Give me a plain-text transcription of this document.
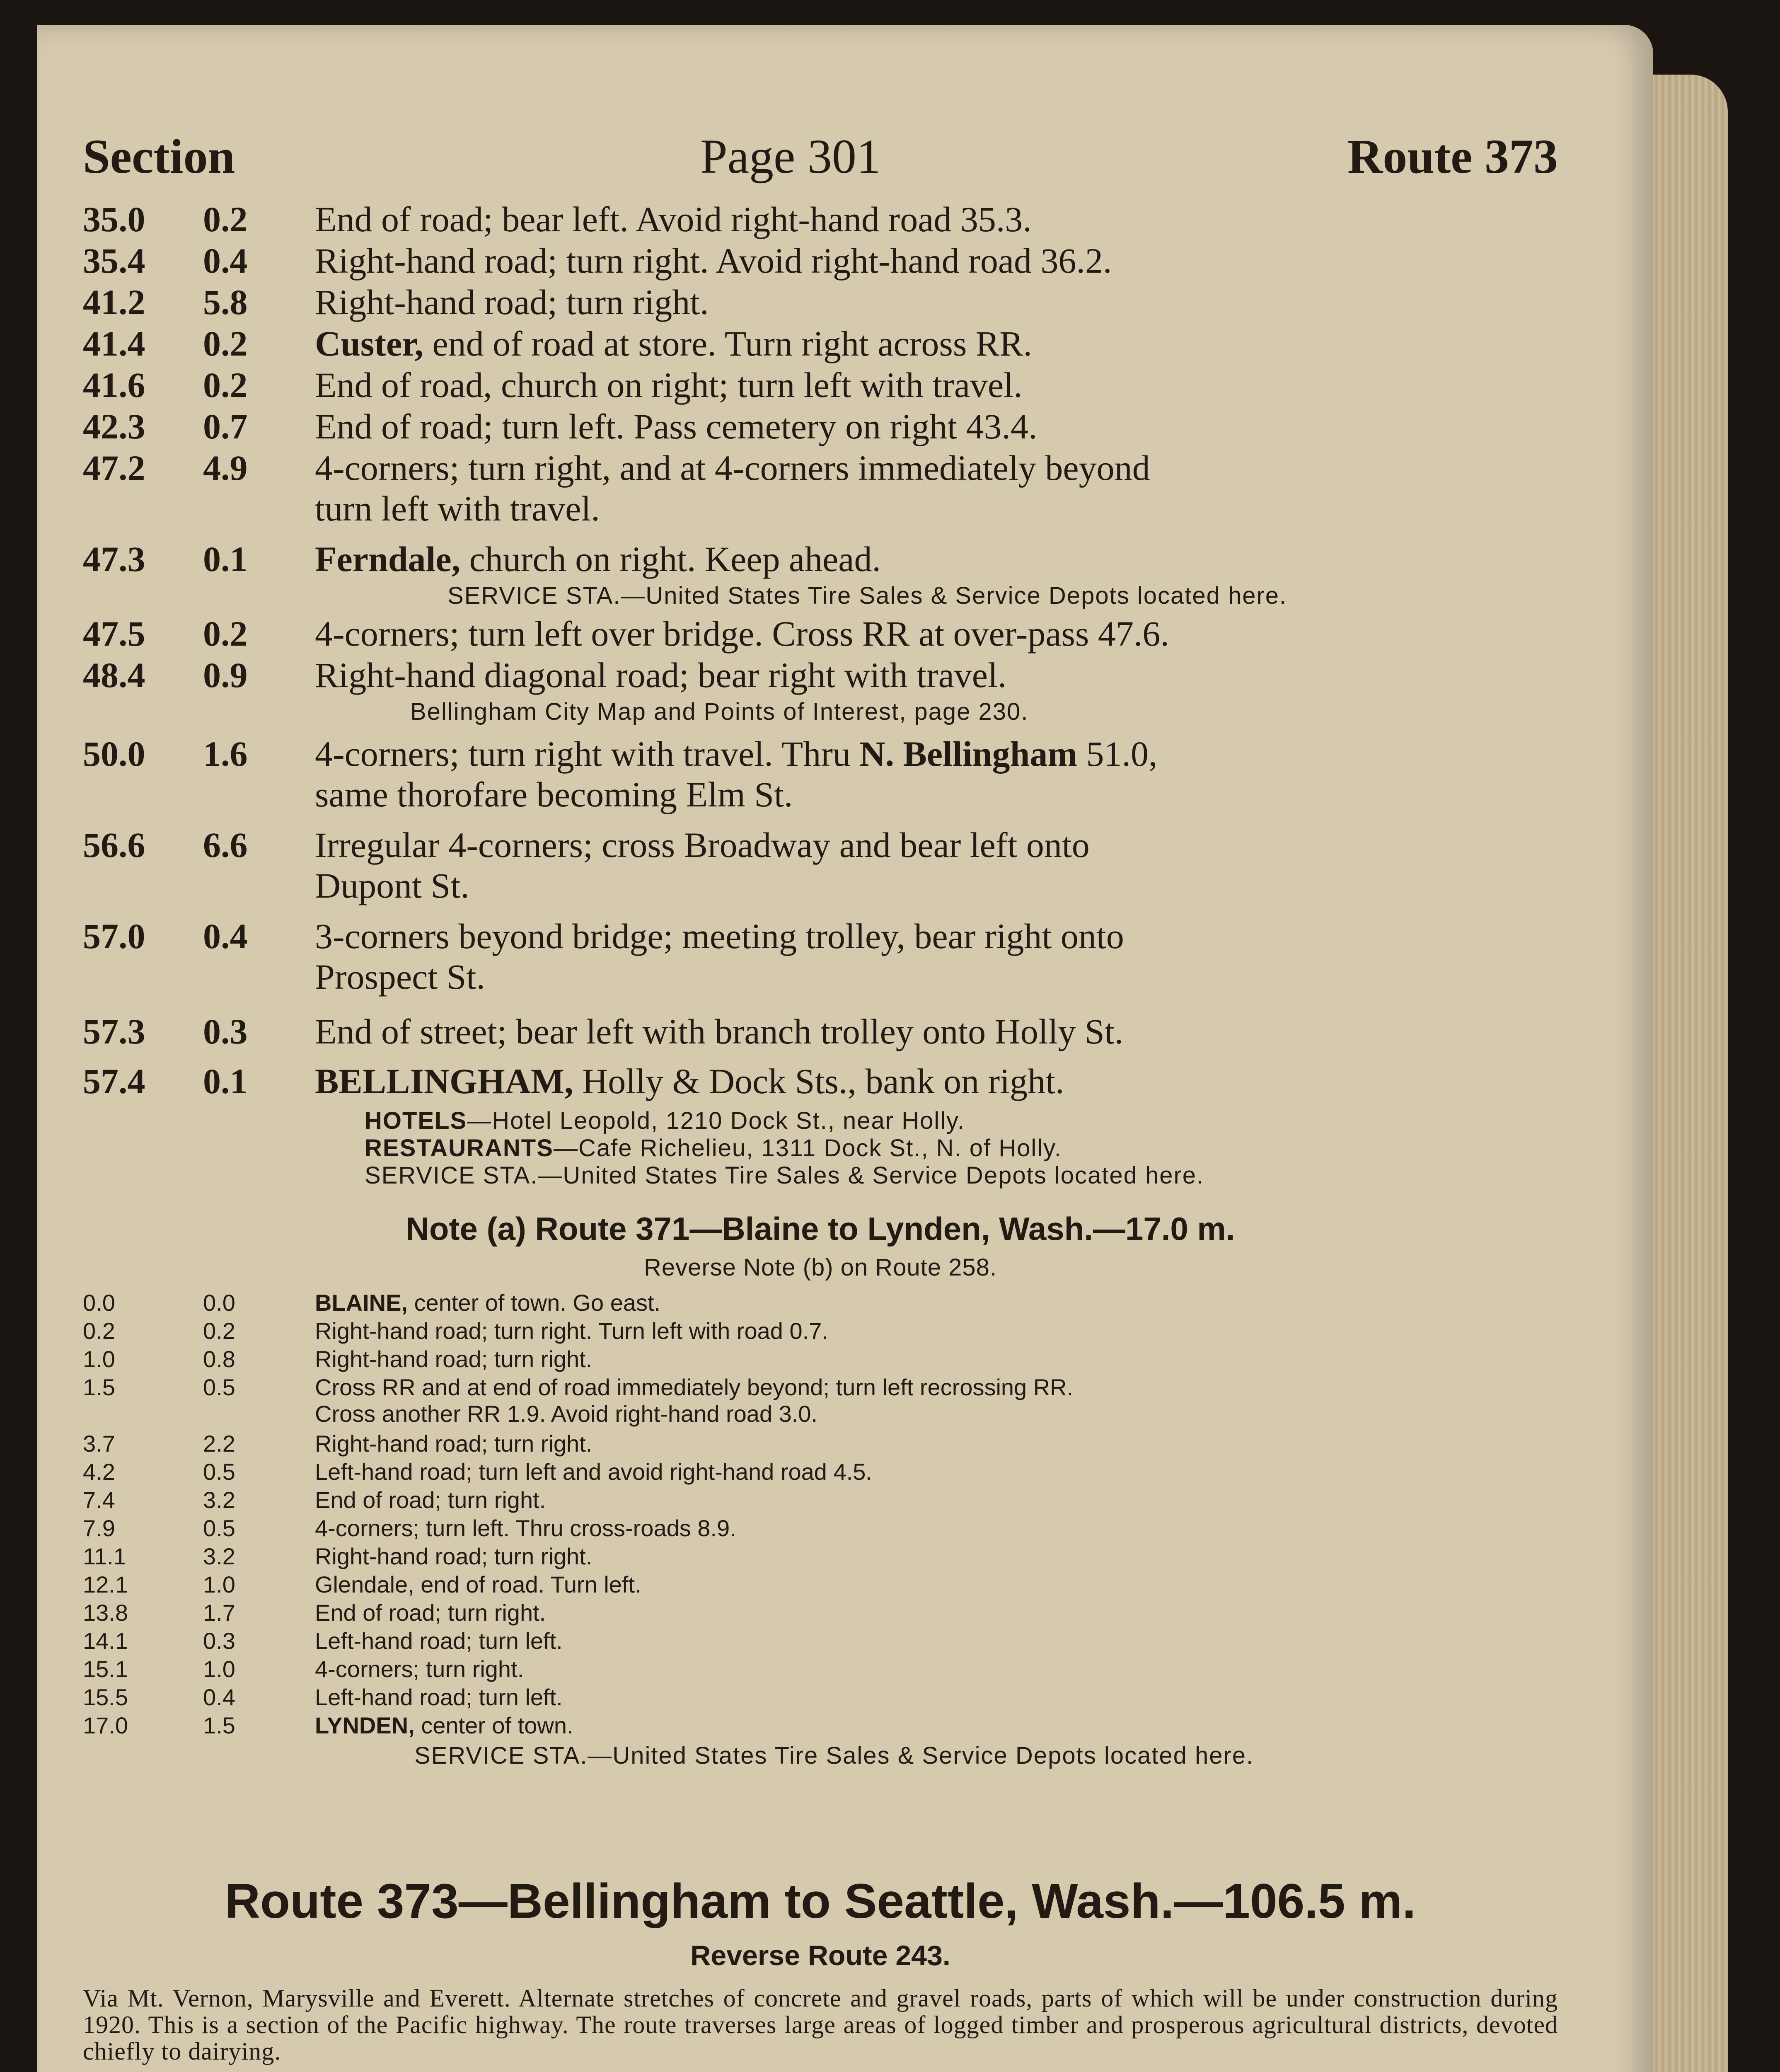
Section	Page 301	Route 373
35.0	0.2	End of road; bear left. Avoid right-hand road 35.3.
35.4	0.4	Right-hand road; turn right. Avoid right-hand road 36.2.
41.2	5.8	Right-hand road; turn right.
41.4	0.2	Custer, end of road at store. Turn right across RR.
41.6	0.2	End of road, church on right; turn left with travel.
42.3	0.7	End of road; turn left. Pass cemetery on right 43.4.
47.2	4.9	4-corners; turn right, and at 4-corners immediately beyond
turn left with travel.
47.3	0.1	Ferndale, church on right. Keep ahead.
SERVICE STA.—United States Tire Sales & Service Depots located here.
47.5	0.2	4-corners; turn left over bridge. Cross RR at over-pass 47.6.
48.4	0.9	Right-hand diagonal road; bear right with travel.
Bellingham City Map and Points of Interest, page 230.
50.0	1.6	4-corners; turn right with travel. Thru N. Bellingham 51.0,
same thorofare becoming Elm St.
56.6	6.6	Irregular 4-corners; cross Broadway and bear left onto
Dupont St.
57.0	0.4	3-corners beyond bridge; meeting trolley, bear right onto
Prospect St.
57.3	0.3	End of street; bear left with branch trolley onto Holly St.
57.4	0.1	BELLINGHAM, Holly & Dock Sts., bank on right.
HOTELS—Hotel Leopold, 1210 Dock St., near Holly.
RESTAURANTS—Cafe Richelieu, 1311 Dock St., N. of Holly.
SERVICE STA.—United States Tire Sales & Service Depots located here.
Note (a) Route 371—Blaine to Lynden, Wash.—17.0 m.
Reverse Note (b) on Route 258.
0.0	0.0	BLAINE, center of town. Go east.
0.2	0.2	Right-hand road; turn right. Turn left with road 0.7.
1.0	0.8	Right-hand road; turn right.
1.5	0.5	Cross RR and at end of road immediately beyond; turn left recrossing RR.
Cross another RR 1.9. Avoid right-hand road 3.0.
3.7	2.2	Right-hand road; turn right.
4.2	0.5	Left-hand road; turn left and avoid right-hand road 4.5.
7.4	3.2	End of road; turn right.
7.9	0.5	4-corners; turn left. Thru cross-roads 8.9.
11.1	3.2	Right-hand road; turn right.
12.1	1.0	Glendale, end of road. Turn left.
13.8	1.7	End of road; turn right.
14.1	0.3	Left-hand road; turn left.
15.1	1.0	4-corners; turn right.
15.5	0.4	Left-hand road; turn left.
17.0	1.5	LYNDEN, center of town.
SERVICE STA.—United States Tire Sales & Service Depots located here.
Route 373—Bellingham to Seattle, Wash.—106.5 m.
Reverse Route 243.
Via Mt. Vernon, Marysville and Everett. Alternate stretches of concrete and gravel roads, parts of which will be under construction during 1920. This is a section of the Pacific highway. The route traverses large areas of logged timber and prosperous agricultural districts, devoted chiefly to dairying.
